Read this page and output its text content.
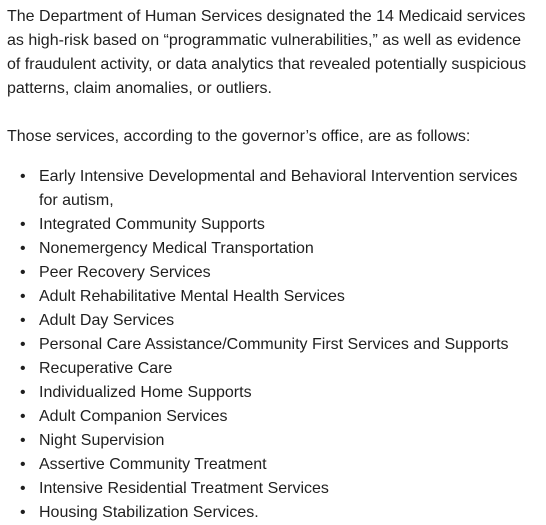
The Department of Human Services designated the 14 Medicaid services as high-risk based on “programmatic vulnerabilities,” as well as evidence of fraudulent activity, or data analytics that revealed potentially suspicious patterns, claim anomalies, or outliers.

Those services, according to the governor’s office, are as follows:

• Early Intensive Developmental and Behavioral Intervention services for autism,
• Integrated Community Supports
• Nonemergency Medical Transportation
• Peer Recovery Services
• Adult Rehabilitative Mental Health Services
• Adult Day Services
• Personal Care Assistance/Community First Services and Supports
• Recuperative Care
• Individualized Home Supports
• Adult Companion Services
• Night Supervision
• Assertive Community Treatment
• Intensive Residential Treatment Services
• Housing Stabilization Services.
